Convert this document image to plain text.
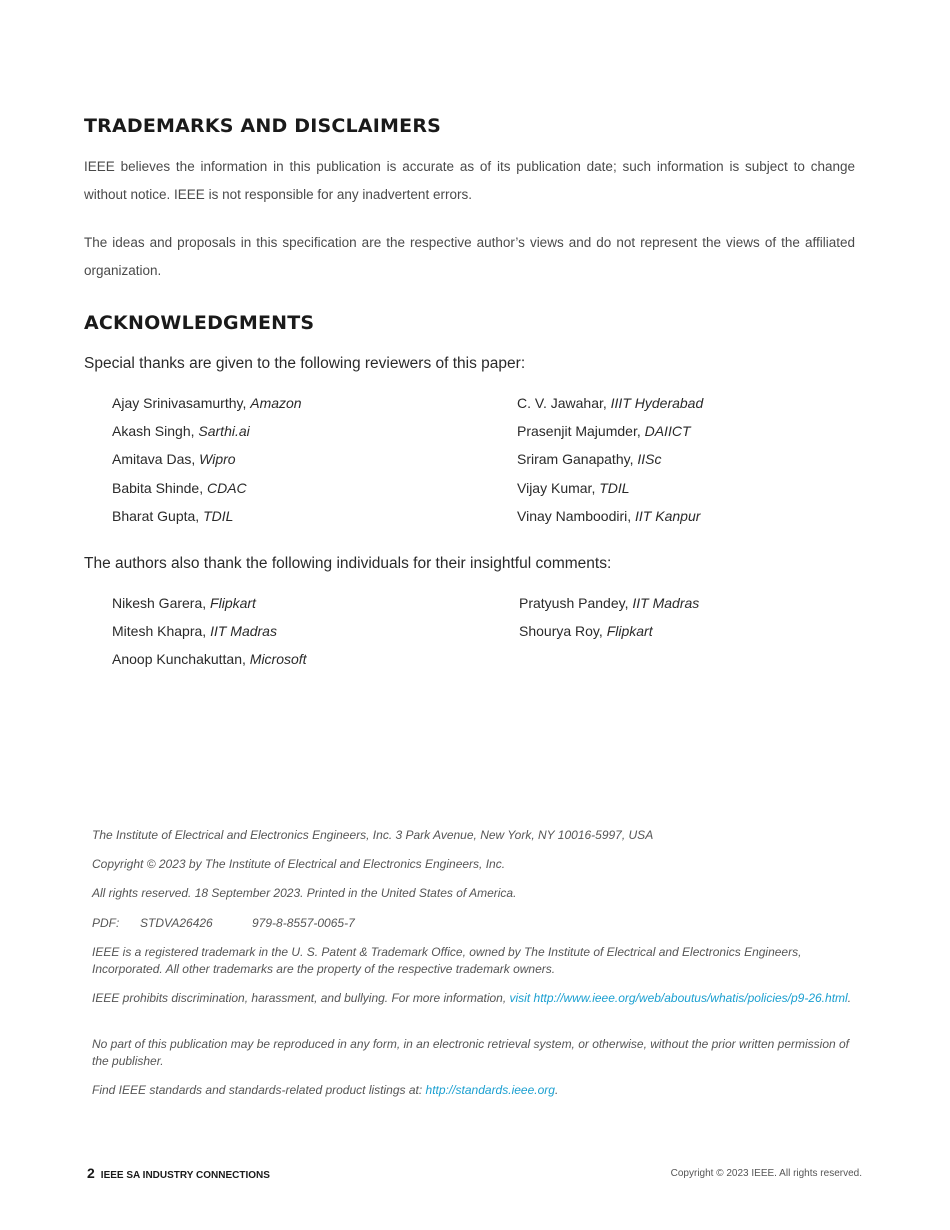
TRADEMARKS AND DISCLAIMERS

IEEE believes the information in this publication is accurate as of its publication date; such information is subject to change without notice. IEEE is not responsible for any inadvertent errors.

The ideas and proposals in this specification are the respective author’s views and do not represent the views of the affiliated organization.

ACKNOWLEDGMENTS

Special thanks are given to the following reviewers of this paper:

Ajay Srinivasamurthy, Amazon
Akash Singh, Sarthi.ai
Amitava Das, Wipro
Babita Shinde, CDAC
Bharat Gupta, TDIL
C. V. Jawahar, IIIT Hyderabad
Prasenjit Majumder, DAIICT
Sriram Ganapathy, IISc
Vijay Kumar, TDIL
Vinay Namboodiri, IIT Kanpur

The authors also thank the following individuals for their insightful comments:

Nikesh Garera, Flipkart
Mitesh Khapra, IIT Madras
Anoop Kunchakuttan, Microsoft
Pratyush Pandey, IIT Madras
Shourya Roy, Flipkart

The Institute of Electrical and Electronics Engineers, Inc. 3 Park Avenue, New York, NY 10016-5997, USA

Copyright © 2023 by The Institute of Electrical and Electronics Engineers, Inc.

All rights reserved. 18 September 2023. Printed in the United States of America.

PDF: STDVA26426	979-8-8557-0065-7

IEEE is a registered trademark in the U. S. Patent & Trademark Office, owned by The Institute of Electrical and Electronics Engineers, Incorporated. All other trademarks are the property of the respective trademark owners.

IEEE prohibits discrimination, harassment, and bullying. For more information, visit http://www.ieee.org/web/aboutus/whatis/policies/p9-26.html.

No part of this publication may be reproduced in any form, in an electronic retrieval system, or otherwise, without the prior written permission of the publisher.

Find IEEE standards and standards-related product listings at: http://standards.ieee.org.

2 IEEE SA INDUSTRY CONNECTIONS	Copyright © 2023 IEEE. All rights reserved.
